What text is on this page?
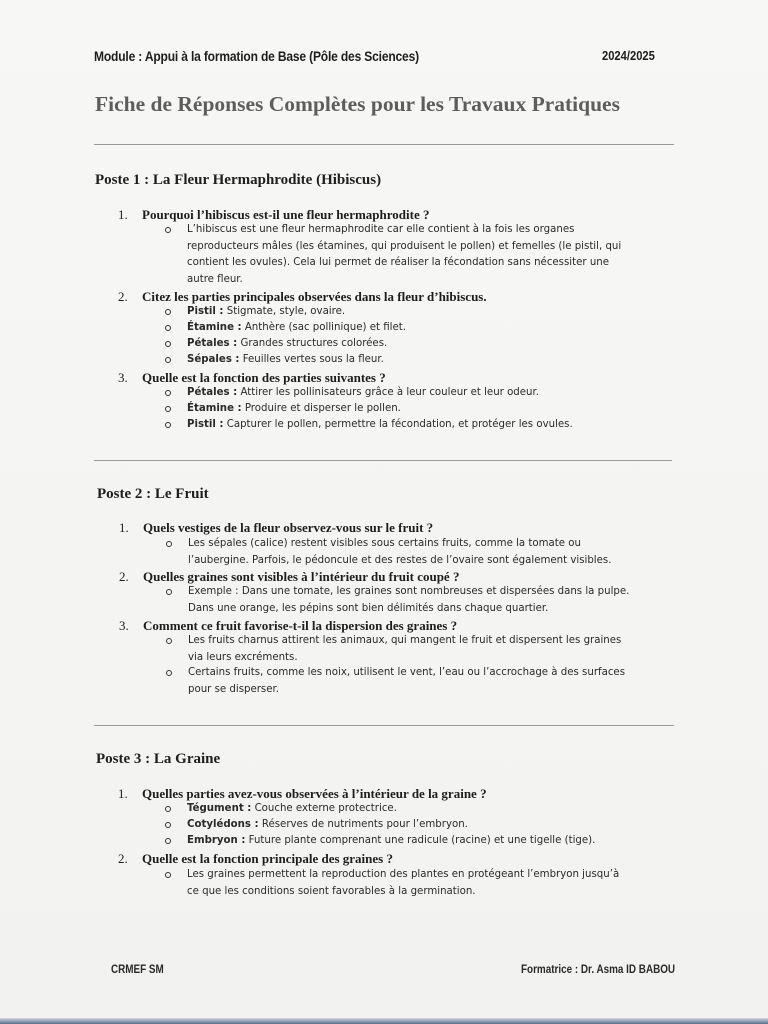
Module : Appui à la formation de Base (Pôle des Sciences)	2024/2025
Fiche de Réponses Complètes pour les Travaux Pratiques
Poste 1 : La Fleur Hermaphrodite (Hibiscus)
1. Pourquoi l’hibiscus est-il une fleur hermaphrodite ?
L’hibiscus est une fleur hermaphrodite car elle contient à la fois les organes
reproducteurs mâles (les étamines, qui produisent le pollen) et femelles (le pistil, qui
contient les ovules). Cela lui permet de réaliser la fécondation sans nécessiter une
autre fleur.
2. Citez les parties principales observées dans la fleur d’hibiscus.
Pistil : Stigmate, style, ovaire.
Étamine : Anthère (sac pollinique) et filet.
Pétales : Grandes structures colorées.
Sépales : Feuilles vertes sous la fleur.
3. Quelle est la fonction des parties suivantes ?
Pétales : Attirer les pollinisateurs grâce à leur couleur et leur odeur.
Étamine : Produire et disperser le pollen.
Pistil : Capturer le pollen, permettre la fécondation, et protéger les ovules.
Poste 2 : Le Fruit
1. Quels vestiges de la fleur observez-vous sur le fruit ?
Les sépales (calice) restent visibles sous certains fruits, comme la tomate ou
l’aubergine. Parfois, le pédoncule et des restes de l’ovaire sont également visibles.
2. Quelles graines sont visibles à l’intérieur du fruit coupé ?
Exemple : Dans une tomate, les graines sont nombreuses et dispersées dans la pulpe.
Dans une orange, les pépins sont bien délimités dans chaque quartier.
3. Comment ce fruit favorise-t-il la dispersion des graines ?
Les fruits charnus attirent les animaux, qui mangent le fruit et dispersent les graines
via leurs excréments.
Certains fruits, comme les noix, utilisent le vent, l’eau ou l’accrochage à des surfaces
pour se disperser.
Poste 3 : La Graine
1. Quelles parties avez-vous observées à l’intérieur de la graine ?
Tégument : Couche externe protectrice.
Cotylédons : Réserves de nutriments pour l’embryon.
Embryon : Future plante comprenant une radicule (racine) et une tigelle (tige).
2. Quelle est la fonction principale des graines ?
Les graines permettent la reproduction des plantes en protégeant l’embryon jusqu’à
ce que les conditions soient favorables à la germination.
CRMEF SM	Formatrice : Dr. Asma ID BABOU
